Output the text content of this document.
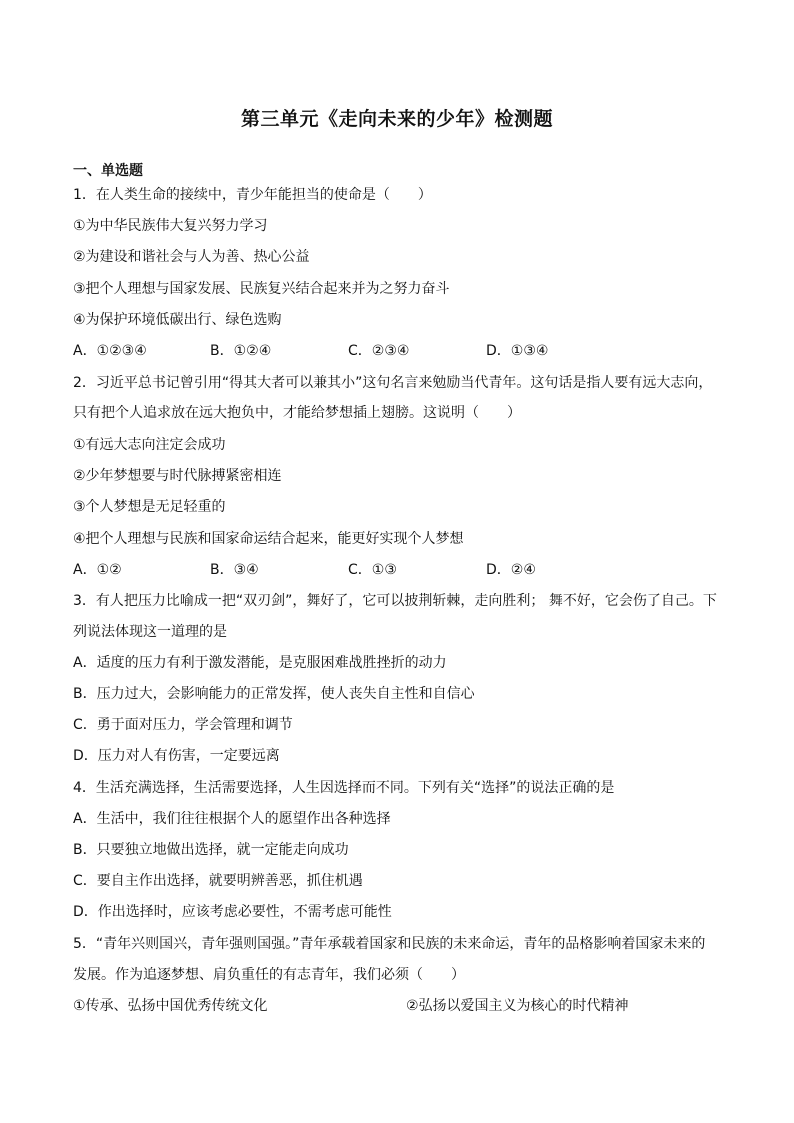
第三单元《走向未来的少年》检测题
一、单选题
1．在人类生命的接续中，青少年能担当的使命是（　　）
①为中华民族伟大复兴努力学习
②为建设和谐社会与人为善、热心公益
③把个人理想与国家发展、民族复兴结合起来并为之努力奋斗
④为保护环境低碳出行、绿色选购
A．①②③④	B．①②④	C．②③④	D．①③④
2．习近平总书记曾引用“得其大者可以兼其小”这句名言来勉励当代青年。这句话是指人要有远大志向，
只有把个人追求放在远大抱负中，才能给梦想插上翅膀。这说明（　　）
①有远大志向注定会成功
②少年梦想要与时代脉搏紧密相连
③个人梦想是无足轻重的
④把个人理想与民族和国家命运结合起来，能更好实现个人梦想
A．①②	B．③④	C．①③	D．②④
3．有人把压力比喻成一把“双刃剑”，舞好了，它可以披荆斩棘，走向胜利； 舞不好，它会伤了自己。下
列说法体现这一道理的是
A．适度的压力有利于激发潜能，是克服困难战胜挫折的动力
B．压力过大，会影响能力的正常发挥，使人丧失自主性和自信心
C．勇于面对压力，学会管理和调节
D．压力对人有伤害，一定要远离
4．生活充满选择，生活需要选择，人生因选择而不同。下列有关“选择”的说法正确的是
A．生活中，我们往往根据个人的愿望作出各种选择
B．只要独立地做出选择，就一定能走向成功
C．要自主作出选择，就要明辨善恶，抓住机遇
D．作出选择时，应该考虑必要性，不需考虑可能性
5．“青年兴则国兴，青年强则国强。”青年承载着国家和民族的未来命运，青年的品格影响着国家未来的
发展。作为追逐梦想、肩负重任的有志青年，我们必须（　　）
①传承、弘扬中国优秀传统文化	②弘扬以爱国主义为核心的时代精神
